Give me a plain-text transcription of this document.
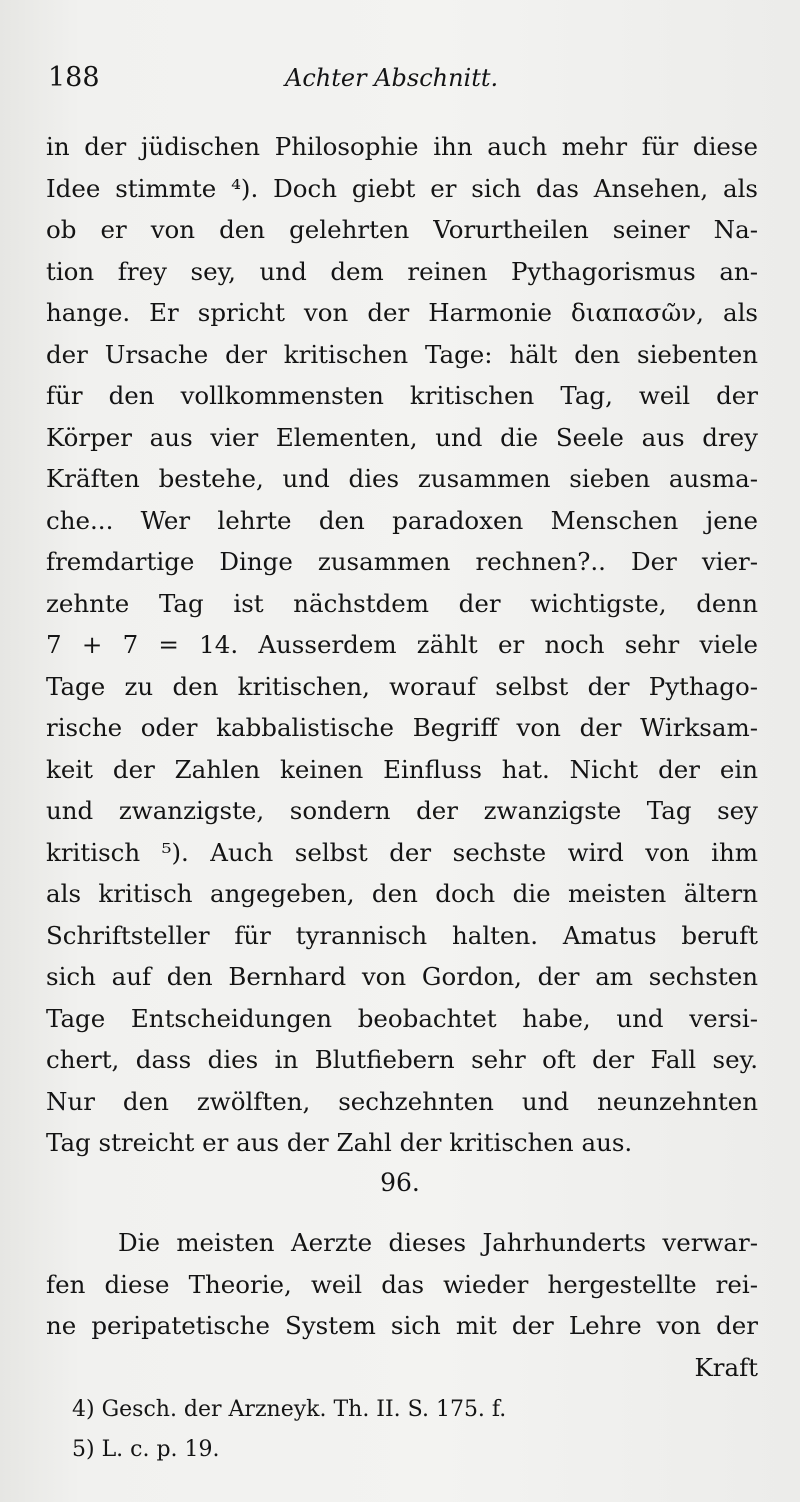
188	Achter Abschnitt.
in der jüdischen Philosophie ihn auch mehr für diese
Idee stimmte ⁴). Doch giebt er sich das Ansehen, als
ob er von den gelehrten Vorurtheilen seiner Na-
tion frey sey, und dem reinen Pythagorismus an-
hange. Er spricht von der Harmonie διαπασῶν, als
der Ursache der kritischen Tage: hält den siebenten
für den vollkommensten kritischen Tag, weil der
Körper aus vier Elementen, und die Seele aus drey
Kräften bestehe, und dies zusammen sieben ausma-
che... Wer lehrte den paradoxen Menschen jene
fremdartige Dinge zusammen rechnen?.. Der vier-
zehnte Tag ist nächstdem der wichtigste, denn
7 + 7 = 14. Ausserdem zählt er noch sehr viele
Tage zu den kritischen, worauf selbst der Pythago-
rische oder kabbalistische Begriff von der Wirksam-
keit der Zahlen keinen Einfluss hat. Nicht der ein
und zwanzigste, sondern der zwanzigste Tag sey
kritisch ⁵). Auch selbst der sechste wird von ihm
als kritisch angegeben, den doch die meisten ältern
Schriftsteller für tyrannisch halten. Amatus beruft
sich auf den Bernhard von Gordon, der am sechsten
Tage Entscheidungen beobachtet habe, und versi-
chert, dass dies in Blutfiebern sehr oft der Fall sey.
Nur den zwölften, sechzehnten und neunzehnten
Tag streicht er aus der Zahl der kritischen aus.
96.
Die meisten Aerzte dieses Jahrhunderts verwar-
fen diese Theorie, weil das wieder hergestellte rei-
ne peripatetische System sich mit der Lehre von der
Kraft
4) Gesch. der Arzneyk. Th. II. S. 175. f.
5) L. c. p. 19.
